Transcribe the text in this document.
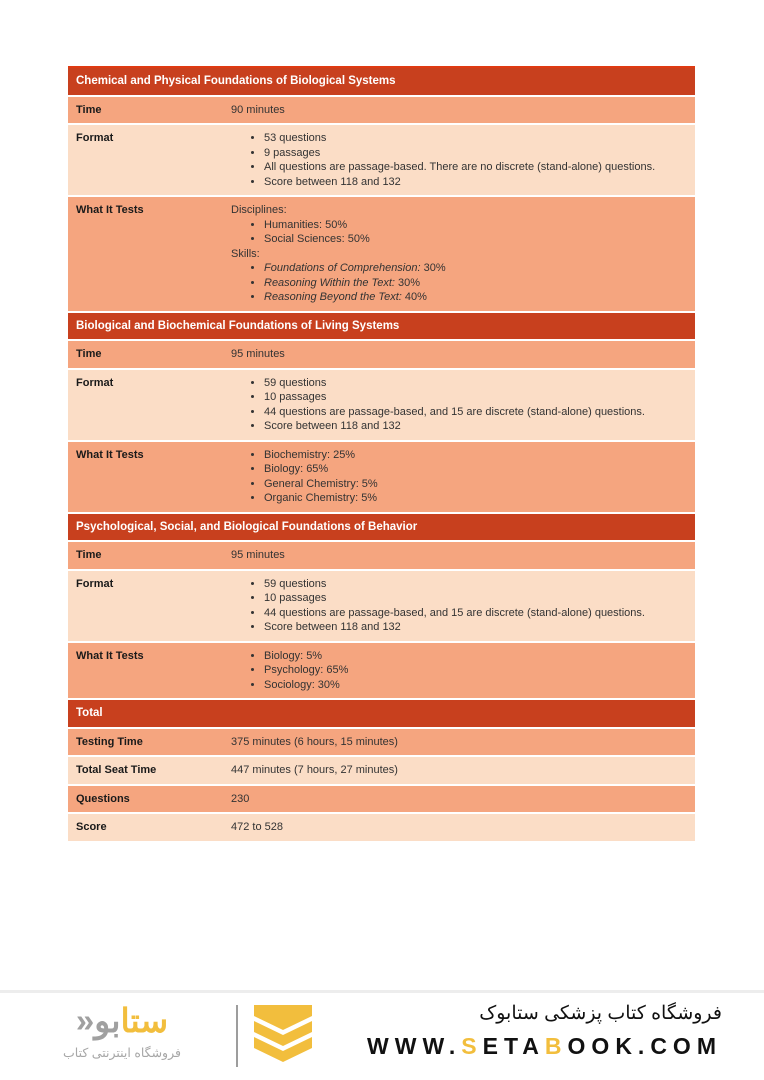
Chemical and Physical Foundations of Biological Systems
Time	90 minutes
Format	• 53 questions
• 9 passages
• All questions are passage-based. There are no discrete (stand-alone) questions.
• Score between 118 and 132
What It Tests	Disciplines:
• Humanities: 50%
• Social Sciences: 50%
Skills:
• Foundations of Comprehension: 30%
• Reasoning Within the Text: 30%
• Reasoning Beyond the Text: 40%
Biological and Biochemical Foundations of Living Systems
Time	95 minutes
Format	• 59 questions
• 10 passages
• 44 questions are passage-based, and 15 are discrete (stand-alone) questions.
• Score between 118 and 132
What It Tests	• Biochemistry: 25%
• Biology: 65%
• General Chemistry: 5%
• Organic Chemistry: 5%
Psychological, Social, and Biological Foundations of Behavior
Time	95 minutes
Format	• 59 questions
• 10 passages
• 44 questions are passage-based, and 15 are discrete (stand-alone) questions.
• Score between 118 and 132
What It Tests	• Biology: 5%
• Psychology: 65%
• Sociology: 30%
Total
Testing Time	375 minutes (6 hours, 15 minutes)
Total Seat Time	447 minutes (7 hours, 27 minutes)
Questions	230
Score	472 to 528
ستابو«
فروشگاه اینترنتی کتاب
فروشگاه کتاب پزشکی ستابوک
WWW.SETABOOK.COM
